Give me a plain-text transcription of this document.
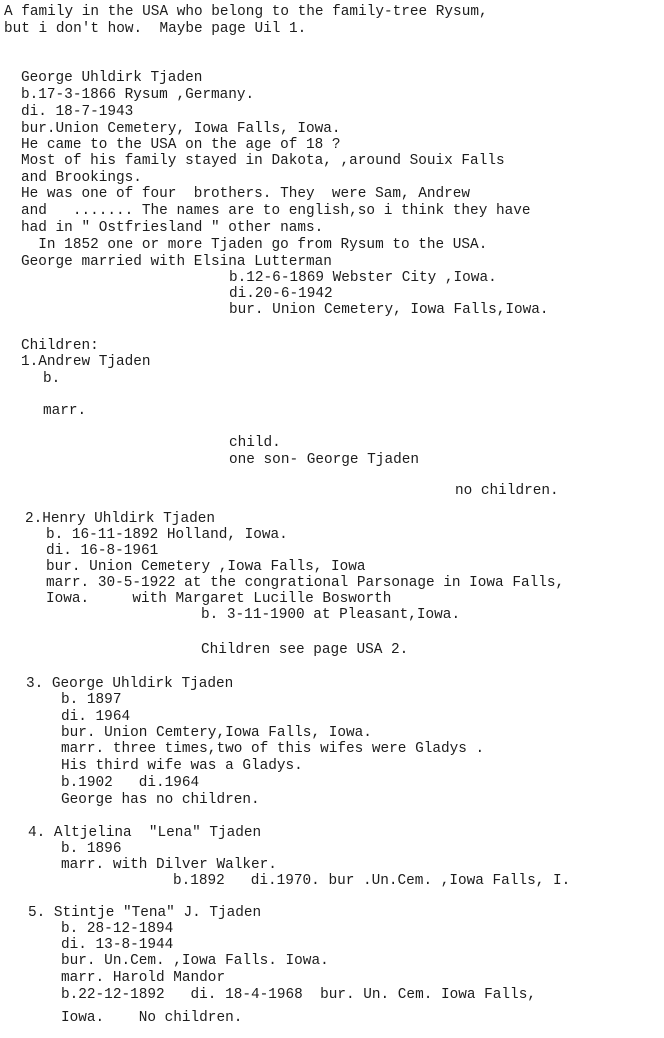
A family in the USA who belong to the family-tree Rysum,
but i don't how.  Maybe page Uil 1.
George Uhldirk Tjaden
b.17-3-1866 Rysum ,Germany.
di. 18-7-1943
bur.Union Cemetery, Iowa Falls, Iowa.
He came to the USA on the age of 18 ?
Most of his family stayed in Dakota, ,around Souix Falls
and Brookings.
He was one of four  brothers. They  were Sam, Andrew
and   ....... The names are to english,so i think they have
had in " Ostfriesland " other nams.
In 1852 one or more Tjaden go from Rysum to the USA.
George married with Elsina Lutterman
b.12-6-1869 Webster City ,Iowa.
di.20-6-1942
bur. Union Cemetery, Iowa Falls,Iowa.
Children:
1.Andrew Tjaden
b.
marr.
child.
one son- George Tjaden
no children.
2.Henry Uhldirk Tjaden
b. 16-11-1892 Holland, Iowa.
di. 16-8-1961
bur. Union Cemetery ,Iowa Falls, Iowa
marr. 30-5-1922 at the congrational Parsonage in Iowa Falls,
Iowa.     with Margaret Lucille Bosworth
b. 3-11-1900 at Pleasant,Iowa.
Children see page USA 2.
3. George Uhldirk Tjaden
b. 1897
di. 1964
bur. Union Cemtery,Iowa Falls, Iowa.
marr. three times,two of this wifes were Gladys .
His third wife was a Gladys.
b.1902   di.1964
George has no children.
4. Altjelina  "Lena" Tjaden
b. 1896
marr. with Dilver Walker.
b.1892   di.1970. bur .Un.Cem. ,Iowa Falls, I.
5. Stintje "Tena" J. Tjaden
b. 28-12-1894
di. 13-8-1944
bur. Un.Cem. ,Iowa Falls. Iowa.
marr. Harold Mandor
b.22-12-1892   di. 18-4-1968  bur. Un. Cem. Iowa Falls,
Iowa.    No children.
